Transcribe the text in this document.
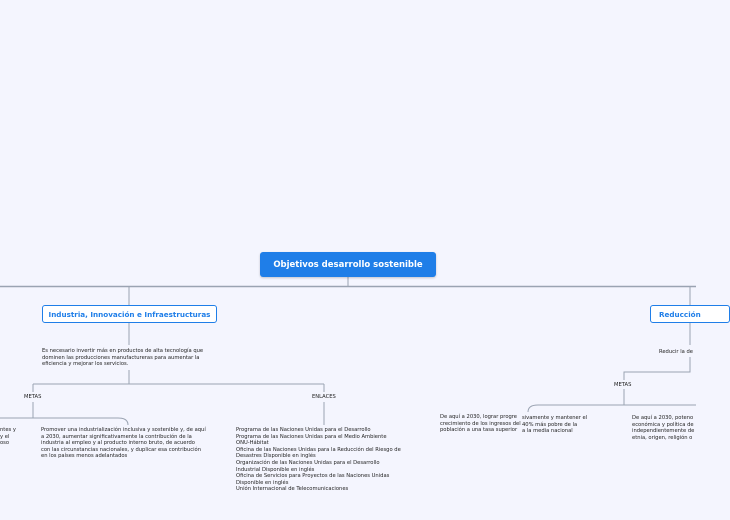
Objetivos desarrollo sostenible
Industria, Innovación e Infraestructuras	Reducción
Es necesario invertir más en productos de alta tecnología que
dominen las producciones manufactureras para aumentar la
eficiencia y mejorar los servicios.
METAS	ENLACES
ntes y
y el
oso
Promover una industrialización inclusiva y sostenible y, de aquí
a 2030, aumentar significativamente la contribución de la
industria al empleo y al producto interno bruto, de acuerdo
con las circunstancias nacionales, y duplicar esa contribución
en los países menos adelantados
Programa de las Naciones Unidas para el Desarrollo
Programa de las Naciones Unidas para el Medio Ambiente
ONU-Hábitat
Oficina de las Naciones Unidas para la Reducción del Riesgo de
Desastres Disponible en inglés
Organización de las Naciones Unidas para el Desarrollo
Industrial Disponible en inglés
Oficina de Servicios para Proyectos de las Naciones Unidas
Disponible en inglés
Unión Internacional de Telecomunicaciones
Reducir la de
METAS
De aquí a 2030, lograr progre
crecimiento de los ingresos del
población a una tasa superior
sivamente y mantener el
40% más pobre de la
a la media nacional
De aquí a 2030, poteno
económica y política de
independientemente de
etnia, origen, religión o
